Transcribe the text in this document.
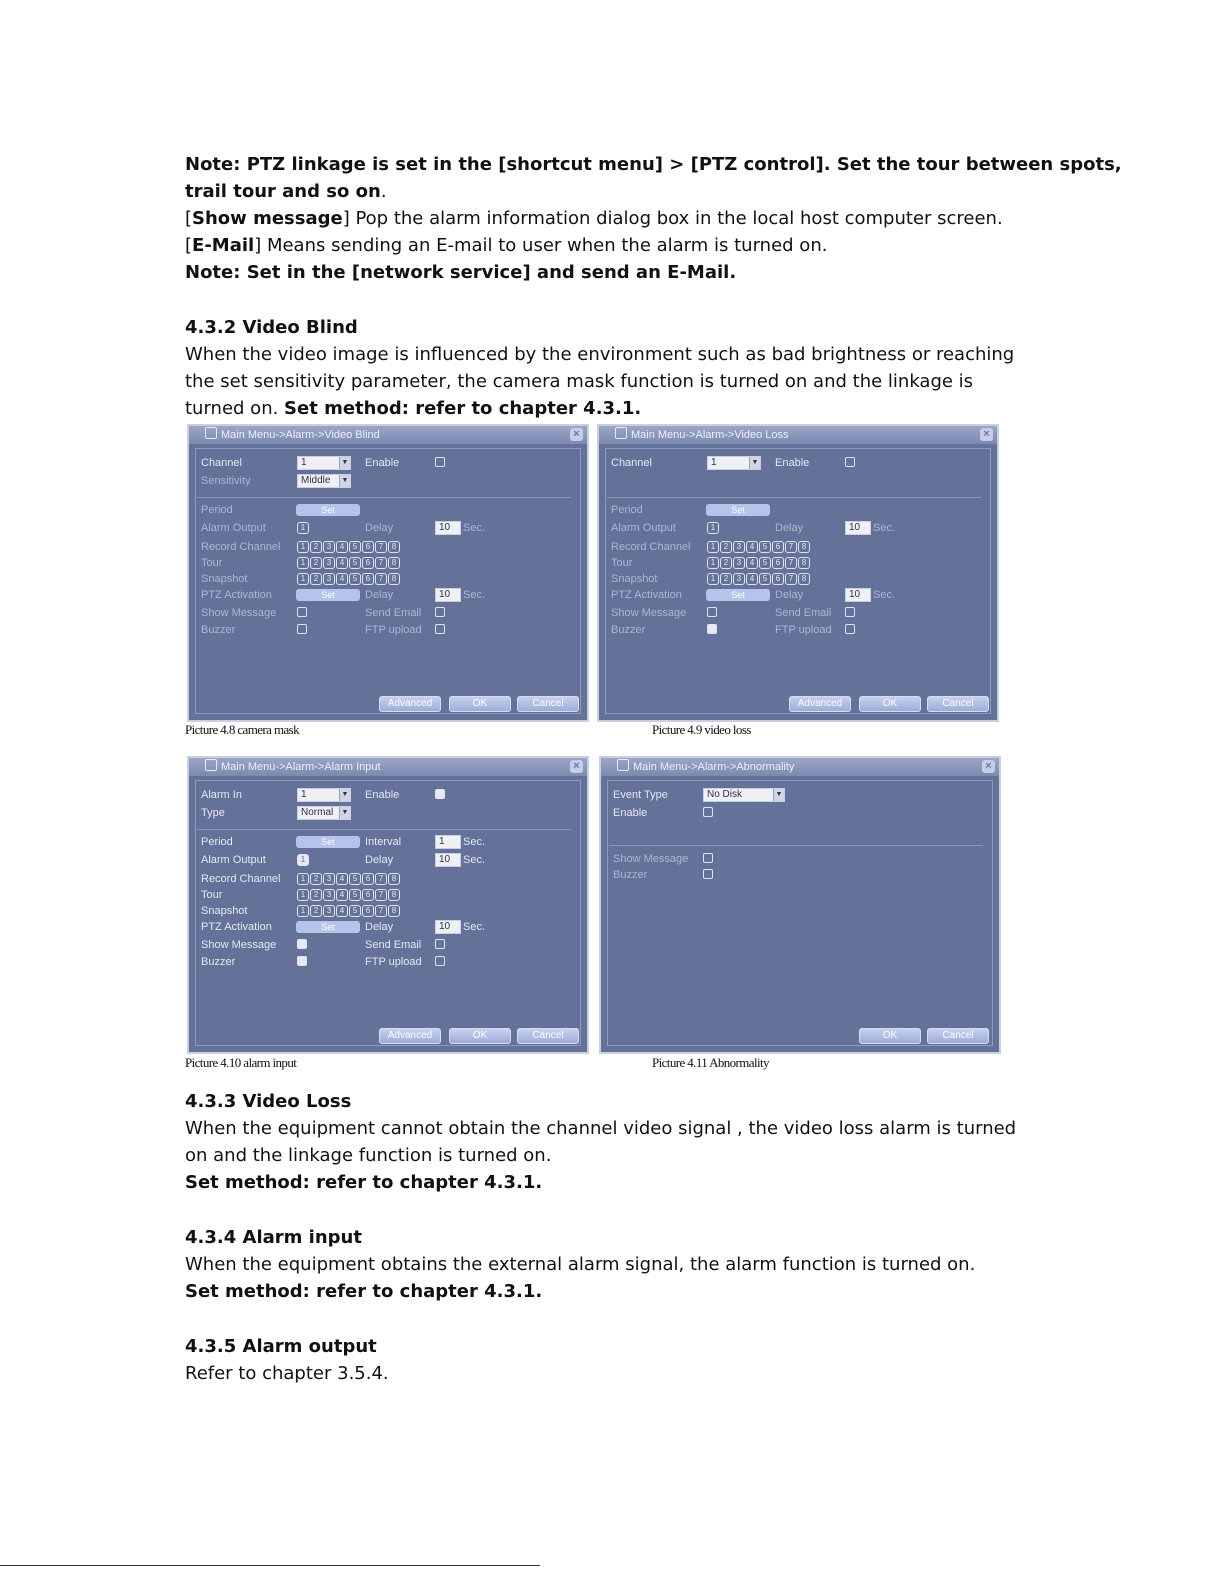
Note: PTZ linkage is set in the [shortcut menu] > [PTZ control]. Set the tour between spots,
trail tour and so on.
[Show message] Pop the alarm information dialog box in the local host computer screen.
[E-Mail] Means sending an E-mail to user when the alarm is turned on.
Note: Set in the [network service] and send an E-Mail.
4.3.2 Video Blind
When the video image is influenced by the environment such as bad brightness or reaching
the set sensitivity parameter, the camera mask function is turned on and the linkage is
turned on. Set method: refer to chapter 4.3.1.
Main Menu->Alarm->Video Blind	×
Channel	1	▼ Enable
Sensitivity	Middle	▼
Period	Set
Alarm Output	1	Delay	10	Sec.
Record Channel	1	2	3	4	5	6	7	8
Tour	1	2	3	4	5	6	7	8
Snapshot	1	2	3	4	5	6	7	8
PTZ Activation	Set	Delay	10	Sec.
Show Message	Send Email
Buzzer	FTP upload
Advanced	OK	Cancel
Main Menu->Alarm->Video Loss	×
Channel	1	▼ Enable
Period	Set
Alarm Output	1	Delay	10	Sec.
Record Channel	1	2	3	4	5	6	7	8
Tour	1	2	3	4	5	6	7	8
Snapshot	1	2	3	4	5	6	7	8
PTZ Activation	Set	Delay	10	Sec.
Show Message	Send Email
Buzzer	FTP upload
Advanced	OK	Cancel
Picture 4.8 camera mask	Picture 4.9 video loss
Main Menu->Alarm->Alarm Input	×
Alarm In	1	▼ Enable
Type	Normal	▼
Period	Set	Interval	1	Sec.
Alarm Output	1	Delay	10	Sec.
Record Channel	1	2	3	4	5	6	7	8
Tour	1	2	3	4	5	6	7	8
Snapshot	1	2	3	4	5	6	7	8
PTZ Activation	Set	Delay	10	Sec.
Show Message	Send Email
Buzzer	FTP upload
Advanced	OK	Cancel
Main Menu->Alarm->Abnormality	×
Event Type	No Disk	▼
Enable
Show Message
Buzzer
OK	Cancel
Picture 4.10 alarm input	Picture 4.11 Abnormality
4.3.3 Video Loss
When the equipment cannot obtain the channel video signal , the video loss alarm is turned
on and the linkage function is turned on.
Set method: refer to chapter 4.3.1.
4.3.4 Alarm input
When the equipment obtains the external alarm signal, the alarm function is turned on.
Set method: refer to chapter 4.3.1.
4.3.5 Alarm output
Refer to chapter 3.5.4.
